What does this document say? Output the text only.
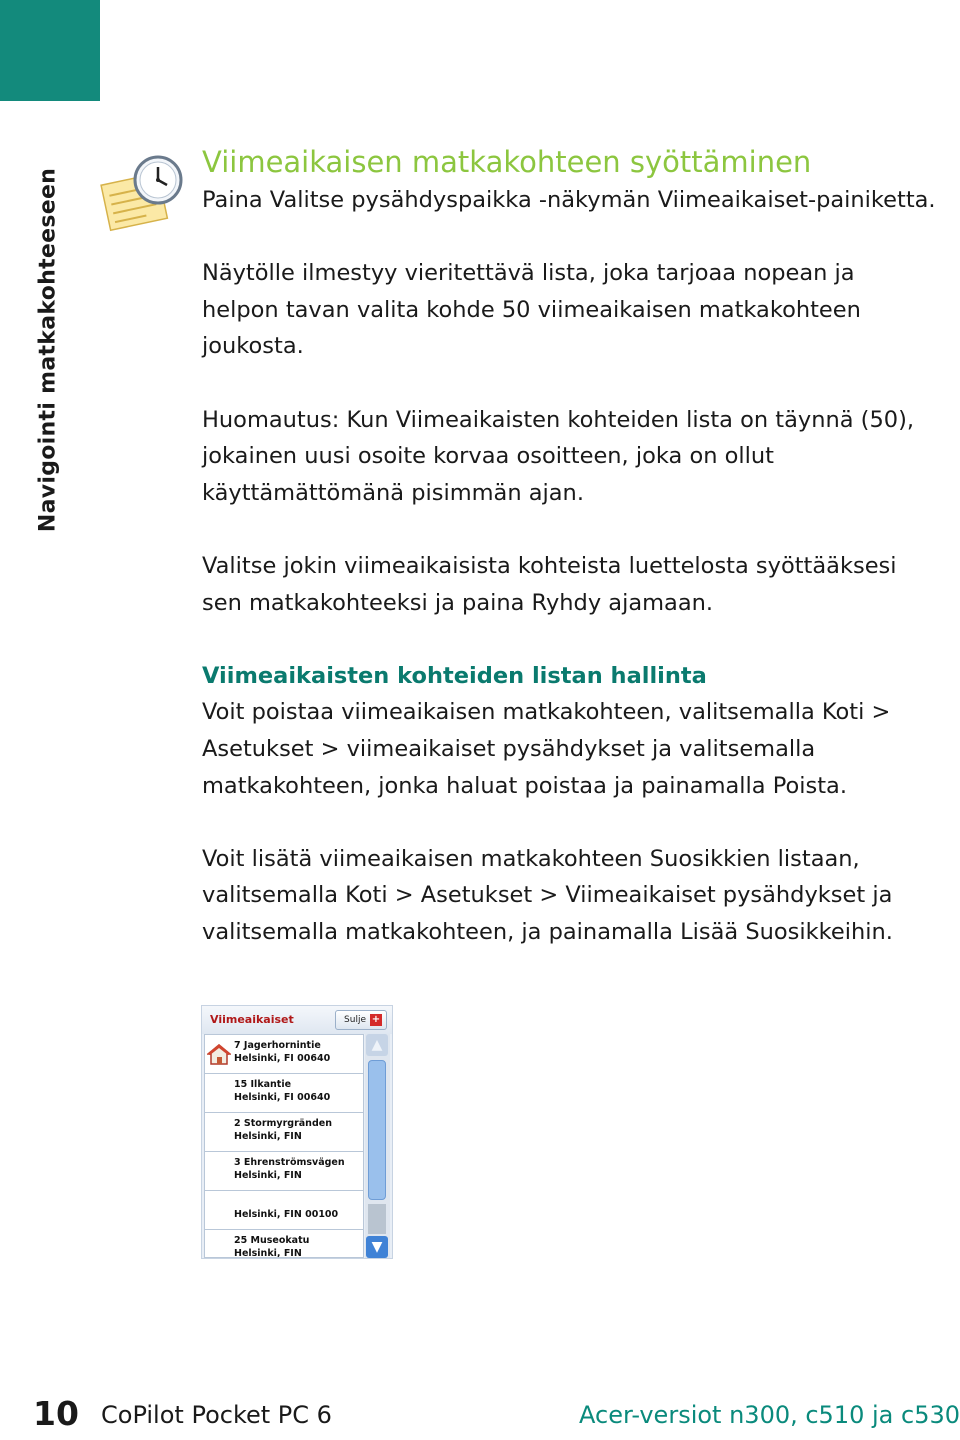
Navigointi matkakohteeseen
Viimeaikaisen matkakohteen syöttäminen

Paina Valitse pysähdyspaikka -näkymän Viimeaikaiset-painiketta.

Näytölle ilmestyy vieritettävä lista, joka tarjoaa nopean ja
helpon tavan valita kohde 50 viimeaikaisen matkakohteen
joukosta.

Huomautus: Kun Viimeaikaisten kohteiden lista on täynnä (50),
jokainen uusi osoite korvaa osoitteen, joka on ollut
käyttämättömänä pisimmän ajan.

Valitse jokin viimeaikaisista kohteista luettelosta syöttääksesi
sen matkakohteeksi ja paina Ryhdy ajamaan.

Viimeaikaisten kohteiden listan hallinta

Voit poistaa viimeaikaisen matkakohteen, valitsemalla Koti >
Asetukset > viimeaikaiset pysähdykset ja valitsemalla
matkakohteen, jonka haluat poistaa ja painamalla Poista.

Voit lisätä viimeaikaisen matkakohteen Suosikkien listaan,
valitsemalla Koti > Asetukset > Viimeaikaiset pysähdykset ja
valitsemalla matkakohteen, ja painamalla Lisää Suosikkeihin.

Viimeaikaiset	Sulje +
7 Jagerhornintie
Helsinki, FI 00640
15 Ilkantie
Helsinki, FI 00640
2 Stormyrgränden
Helsinki, FIN
3 Ehrenströmsvägen
Helsinki, FIN
Helsinki, FIN 00100
25 Museokatu
Helsinki, FIN
▲
▼
10 CoPilot Pocket PC 6	Acer-versiot n300, c510 ja c530
